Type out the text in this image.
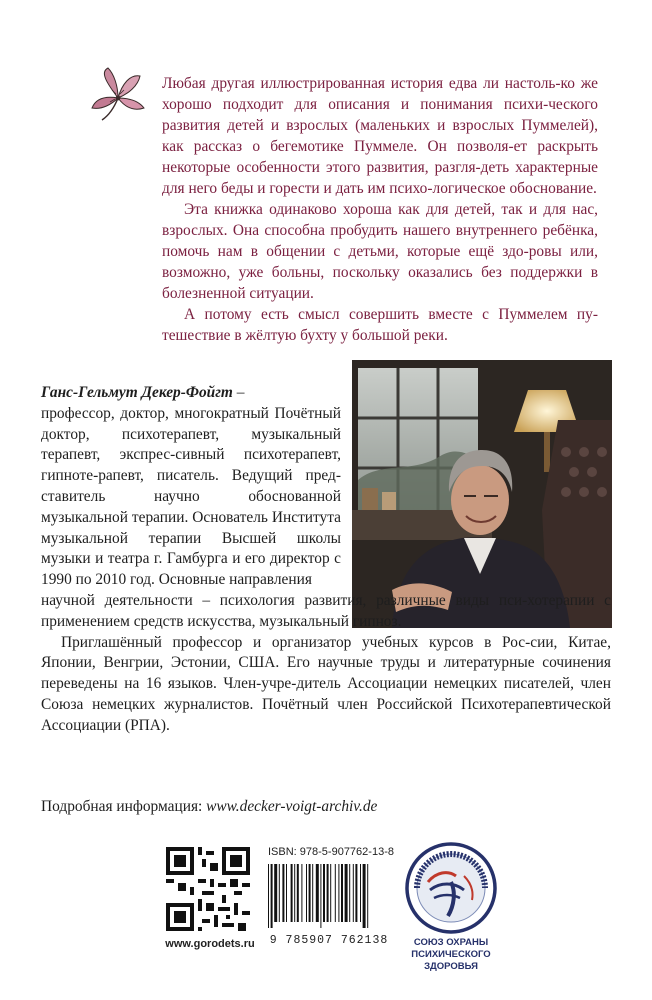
Любая другая иллюстрированная история едва ли настоль-ко же хорошо подходит для описания и понимания психи-ческого развития детей и взрослых (маленьких и взрослых Пуммелей), как рассказ о бегемотике Пуммеле. Он позволя-ет раскрыть некоторые особенности этого развития, разгля-деть характерные для него беды и горести и дать им психо-логическое обоснование.

Эта книжка одинаково хороша как для детей, так и для нас, взрослых. Она способна пробудить нашего внутреннего ребёнка, помочь нам в общении с детьми, которые ещё здо-ровы или, возможно, уже больны, поскольку оказались без поддержки в болезненной ситуации.

А потому есть смысл совершить вместе с Пуммелем пу-тешествие в жёлтую бухту у большой реки.

Ганс-Гельмут Декер-Фойгт –

профессор, доктор, многократный Почётный доктор, психотерапевт, музыкальный терапевт, экспрес-сивный психотерапевт, гипноте-рапевт, писатель. Ведущий пред-ставитель научно обоснованной музыкальной терапии. Основатель Института музыкальной терапии Высшей школы музыки и театра г. Гамбурга и его директор с 1990 по 2010 год. Основные направления

научной деятельности – психология развития, различные виды пси-хотерапии с применением средств искусства, музыкальный гипноз.

Приглашённый профессор и организатор учебных курсов в Рос-сии, Китае, Японии, Венгрии, Эстонии, США. Его научные труды и литературные сочинения переведены на 16 языков. Член-учре-дитель Ассоциации немецких писателей, член Союза немецких журналистов. Почётный член Российской Психотерапевтической Ассоциации (РПА).

Подробная информация: www.decker-voigt-archiv.de
www.gorodets.ru
ISBN: 978-5-907762-13-8
9 785907 762138	СОЮЗ ОХРАНЫ
ПСИХИЧЕСКОГО ЗДОРОВЬЯ
